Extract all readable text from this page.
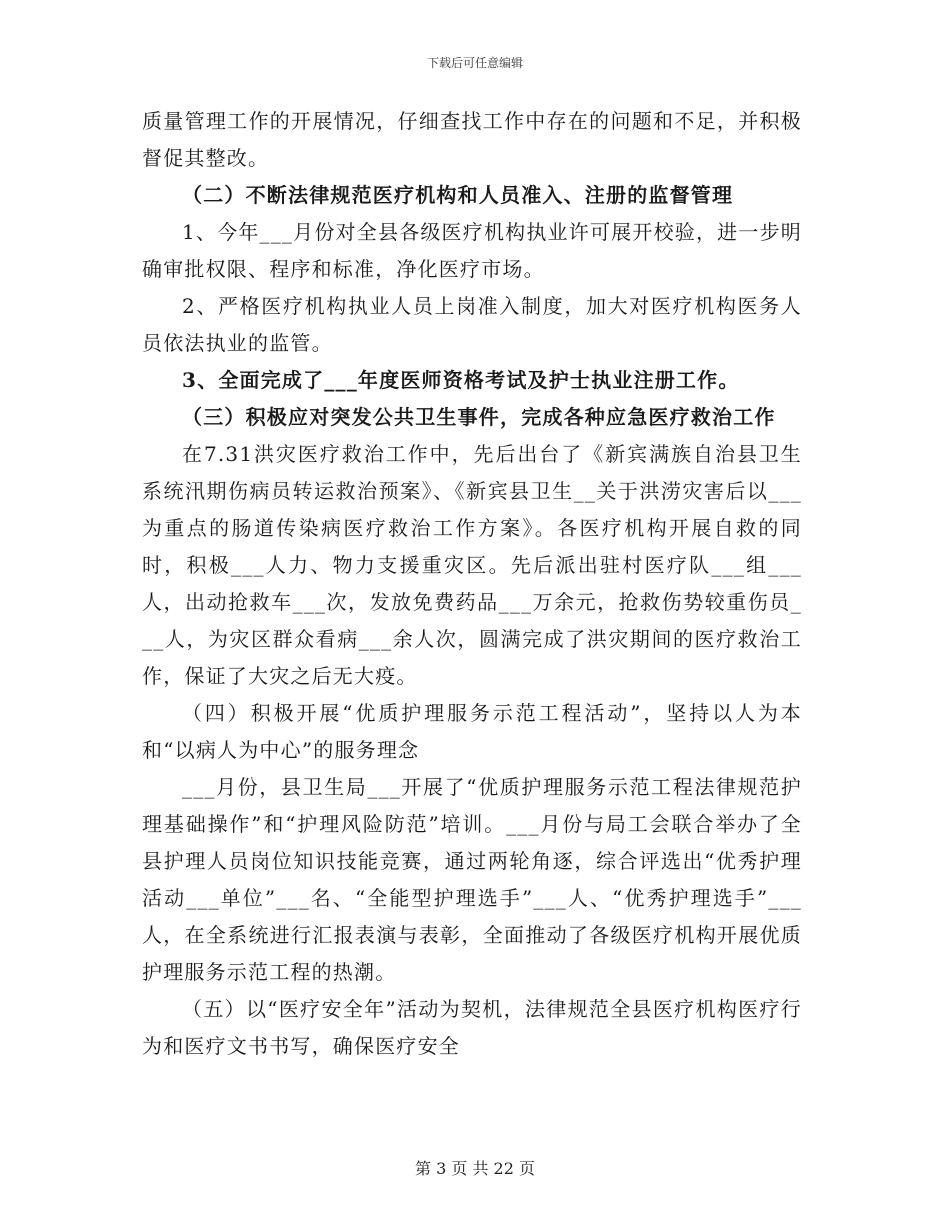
下载后可任意编辑

质量管理工作的开展情况，仔细查找工作中存在的问题和不足，并积极督促其整改。

（二）不断法律规范医疗机构和人员准入、注册的监督管理

1、今年___月份对全县各级医疗机构执业许可展开校验，进一步明确审批权限、程序和标准，净化医疗市场。

2、严格医疗机构执业人员上岗准入制度，加大对医疗机构医务人员依法执业的监管。

3、全面完成了___年度医师资格考试及护士执业注册工作。

（三）积极应对突发公共卫生事件，完成各种应急医疗救治工作

在7.31洪灾医疗救治工作中，先后出台了《新宾满族自治县卫生系统汛期伤病员转运救治预案》、《新宾县卫生__关于洪涝灾害后以___为重点的肠道传染病医疗救治工作方案》。各医疗机构开展自救的同时，积极___人力、物力支援重灾区。先后派出驻村医疗队___组___人，出动抢救车___次，发放免费药品___万余元，抢救伤势较重伤员___人，为灾区群众看病___余人次，圆满完成了洪灾期间的医疗救治工作，保证了大灾之后无大疫。

（四）积极开展“优质护理服务示范工程活动”，坚持以人为本和“以病人为中心”的服务理念

___月份，县卫生局___开展了“优质护理服务示范工程法律规范护理基础操作”和“护理风险防范”培训。___月份与局工会联合举办了全县护理人员岗位知识技能竞赛，通过两轮角逐，综合评选出“优秀护理活动___单位”___名、“全能型护理选手”___人、“优秀护理选手”___人，在全系统进行汇报表演与表彰，全面推动了各级医疗机构开展优质护理服务示范工程的热潮。

（五）以“医疗安全年”活动为契机，法律规范全县医疗机构医疗行为和医疗文书书写，确保医疗安全

第 3 页 共 22 页
